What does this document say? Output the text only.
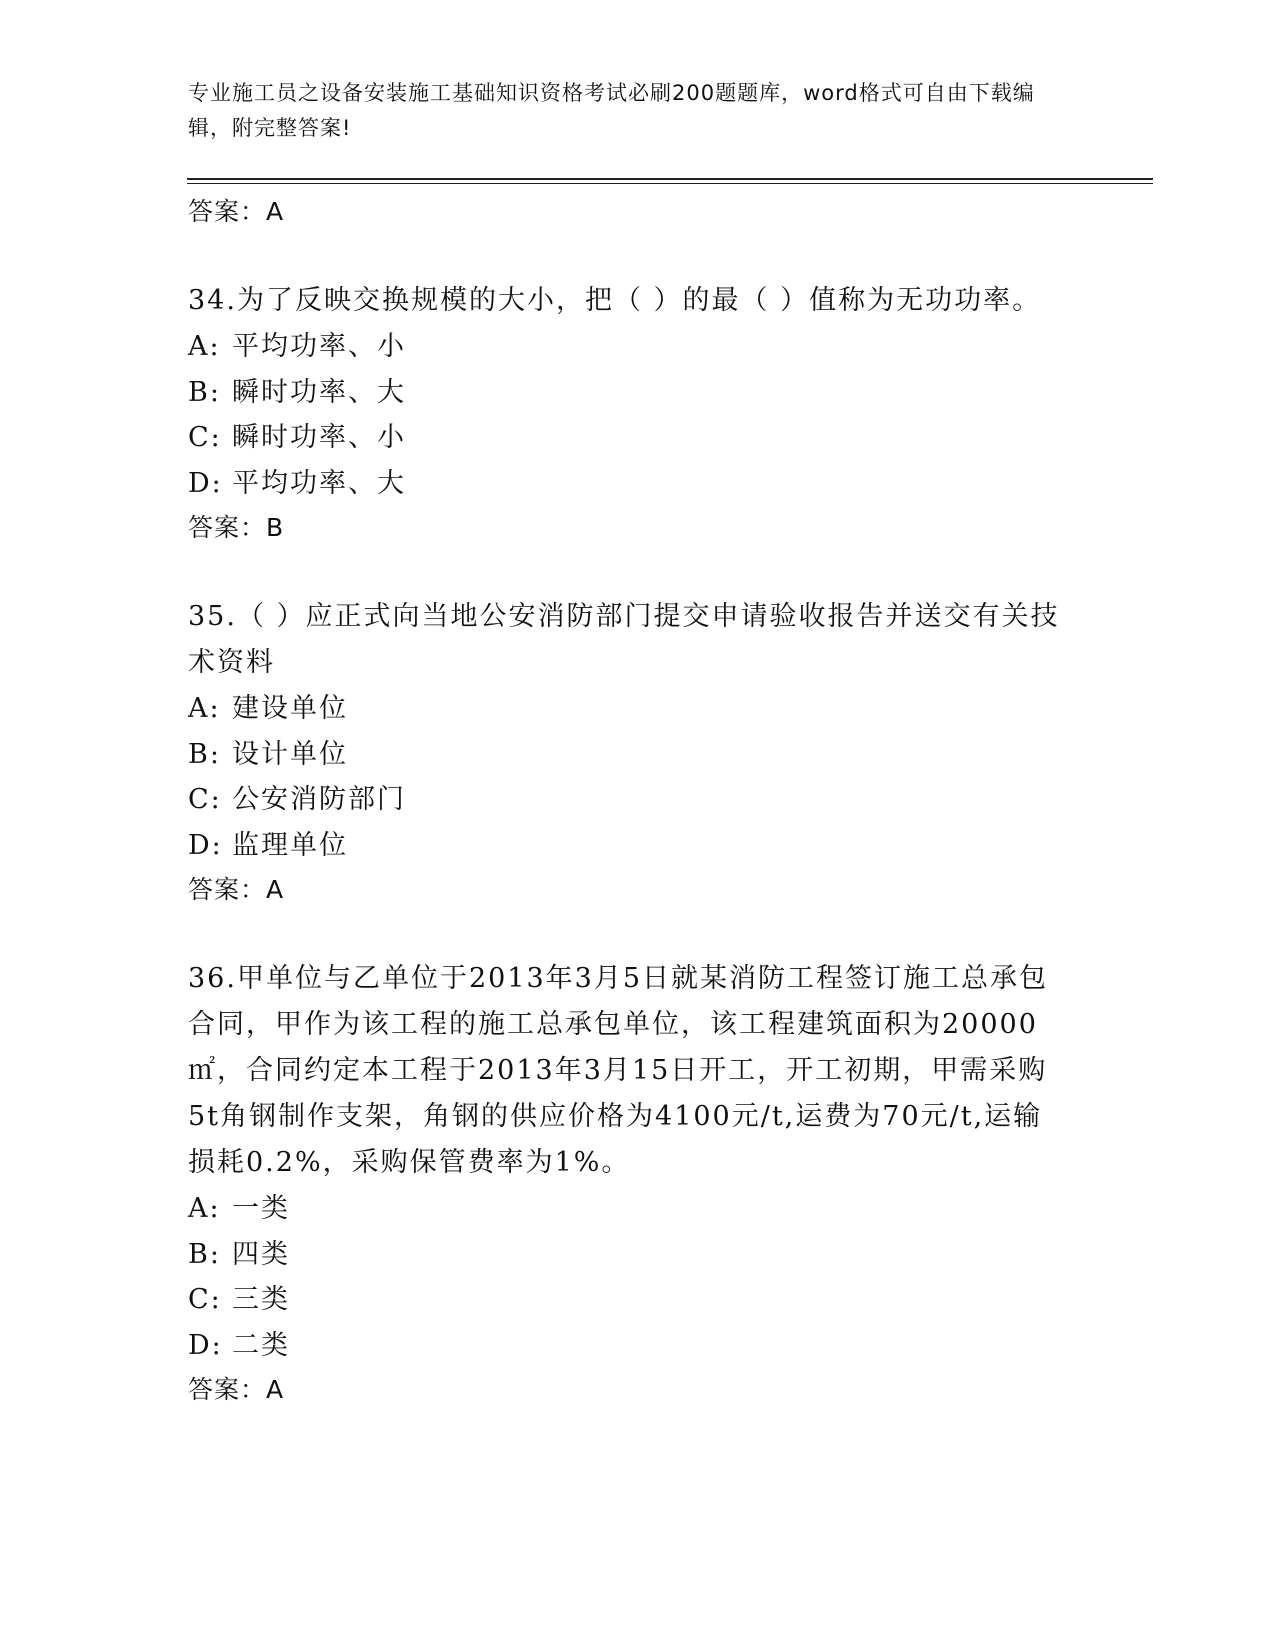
专业施工员之设备安装施工基础知识资格考试必刷200题题库，word格式可自由下载编辑，附完整答案!
答案：A
34.为了反映交换规模的大小，把（ ）的最（ ）值称为无功功率。
A: 平均功率、小
B: 瞬时功率、大
C: 瞬时功率、小
D: 平均功率、大
答案：B
35.（ ）应正式向当地公安消防部门提交申请验收报告并送交有关技术资料
A: 建设单位
B: 设计单位
C: 公安消防部门
D: 监理单位
答案：A
36.甲单位与乙单位于2013年3月5日就某消防工程签订施工总承包合同，甲作为该工程的施工总承包单位，该工程建筑面积为20000㎡，合同约定本工程于2013年3月15日开工，开工初期，甲需采购5t角钢制作支架，角钢的供应价格为4100元/t,运费为70元/t,运输损耗0.2%，采购保管费率为1%。
A: 一类
B: 四类
C: 三类
D: 二类
答案：A
